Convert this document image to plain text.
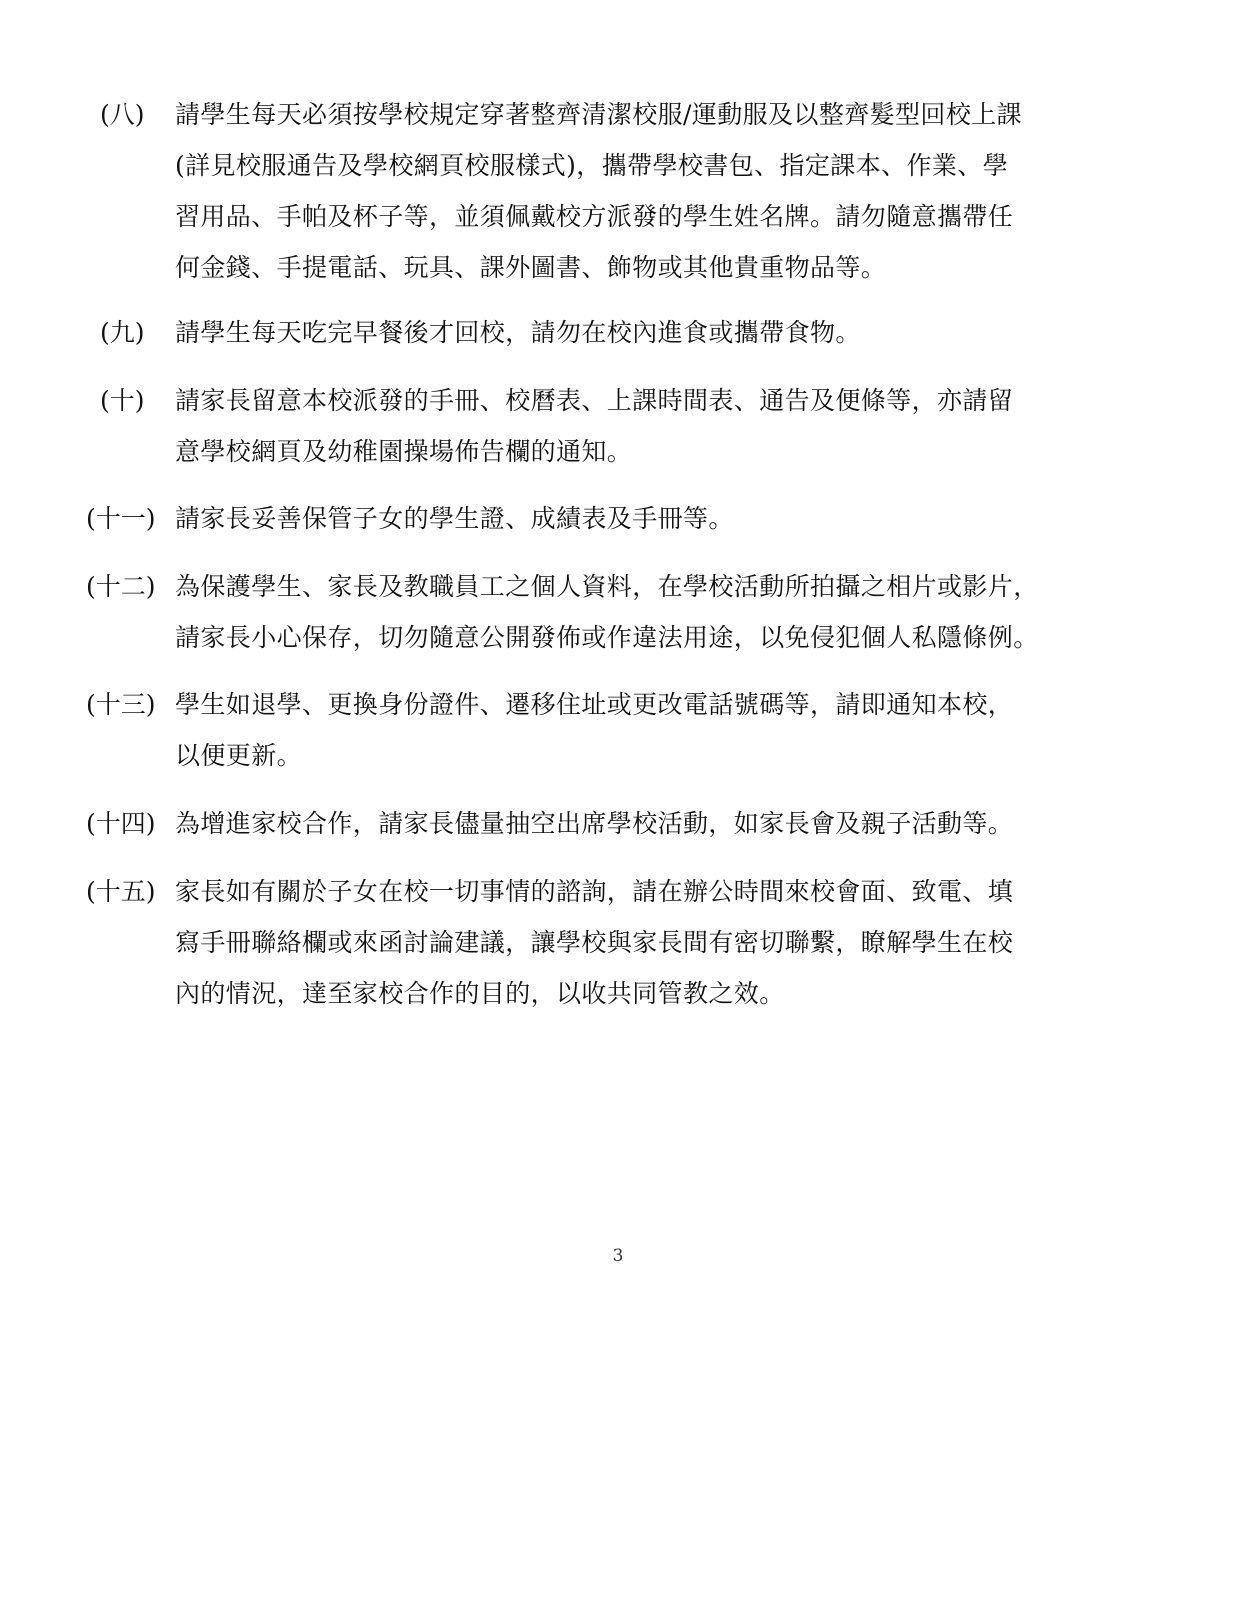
(八) 請學生每天必須按學校規定穿著整齊清潔校服/運動服及以整齊髮型回校上課
(詳見校服通告及學校網頁校服樣式)，攜帶學校書包、指定課本、作業、學
習用品、手帕及杯子等，並須佩戴校方派發的學生姓名牌。請勿隨意攜帶任
何金錢、手提電話、玩具、課外圖書、飾物或其他貴重物品等。
(九) 請學生每天吃完早餐後才回校，請勿在校內進食或攜帶食物。
(十) 請家長留意本校派發的手冊、校曆表、上課時間表、通告及便條等，亦請留
意學校網頁及幼稚園操場佈告欄的通知。
(十一) 請家長妥善保管子女的學生證、成績表及手冊等。
(十二) 為保護學生、家長及教職員工之個人資料，在學校活動所拍攝之相片或影片，
請家長小心保存，切勿隨意公開發佈或作違法用途，以免侵犯個人私隱條例。
(十三) 學生如退學、更換身份證件、遷移住址或更改電話號碼等，請即通知本校，
以便更新。
(十四) 為增進家校合作，請家長儘量抽空出席學校活動，如家長會及親子活動等。
(十五) 家長如有關於子女在校一切事情的諮詢，請在辦公時間來校會面、致電、填
寫手冊聯絡欄或來函討論建議，讓學校與家長間有密切聯繫，瞭解學生在校
內的情況，達至家校合作的目的，以收共同管教之效。
3
